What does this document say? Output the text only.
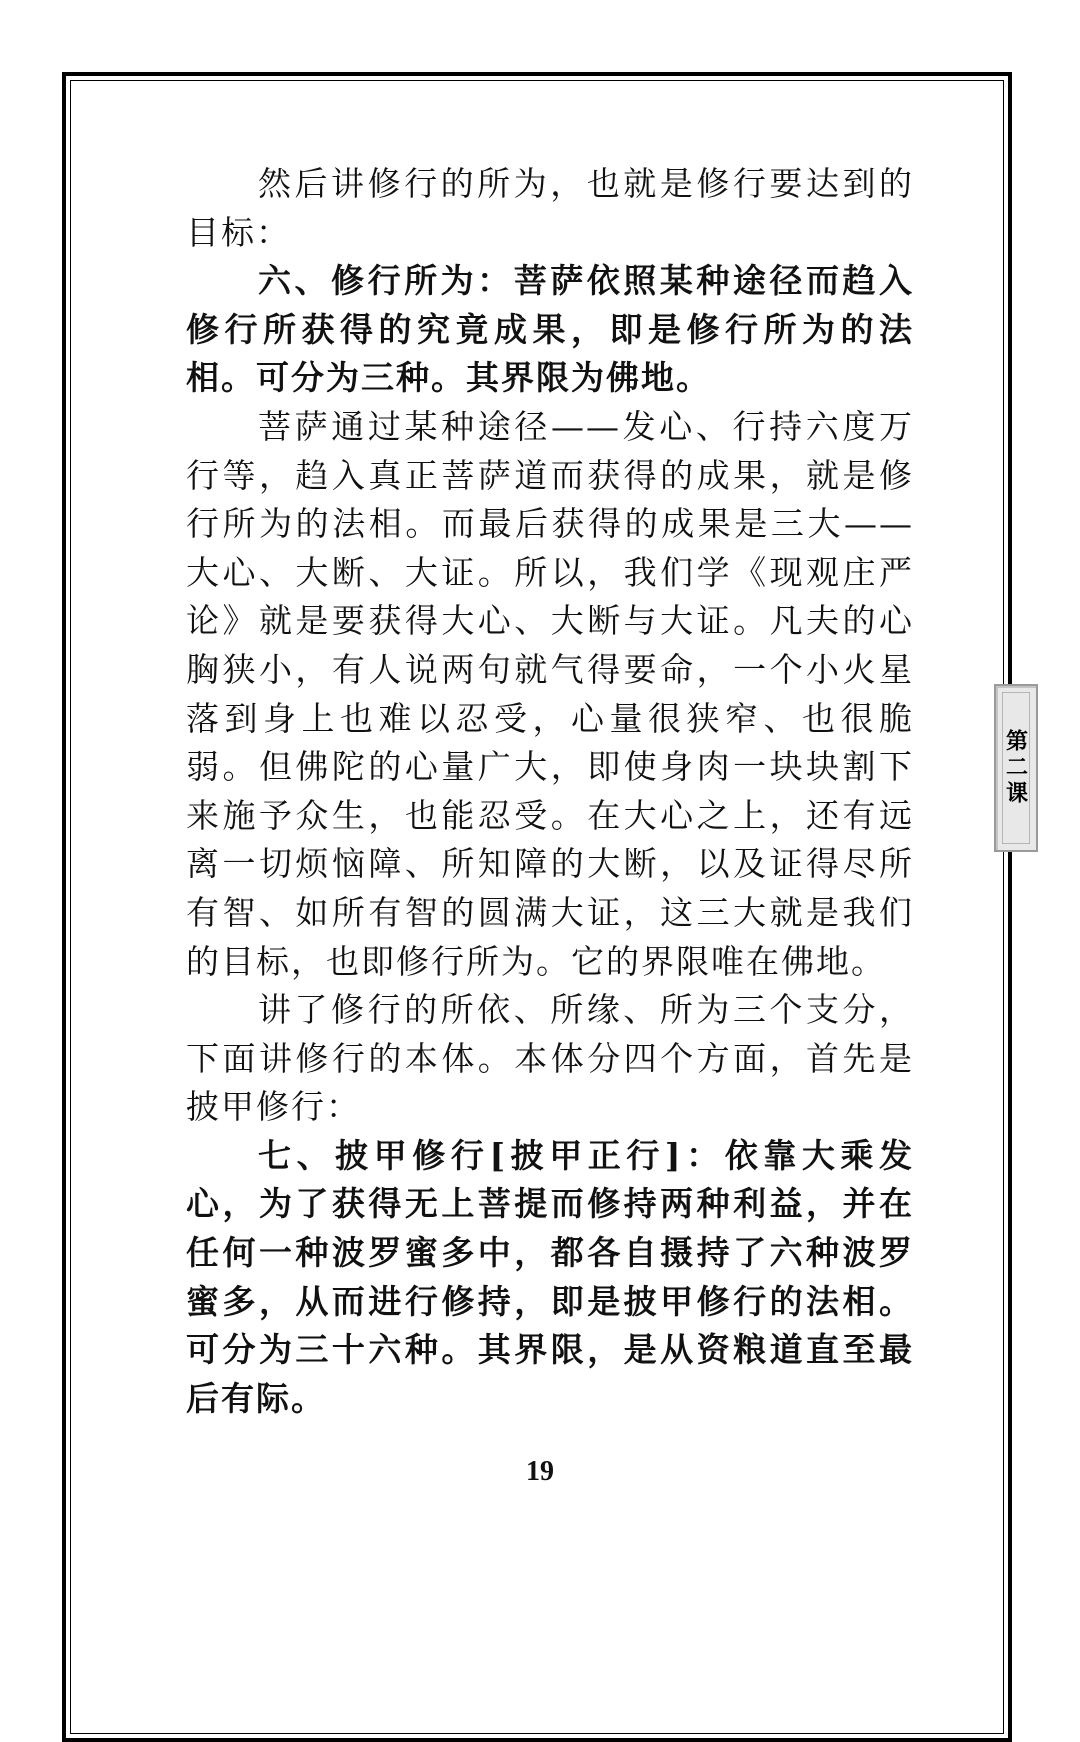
然后讲修行的所为，也就是修行要达到的目标：

六、修行所为：菩萨依照某种途径而趋入修行所获得的究竟成果，即是修行所为的法相。可分为三种。其界限为佛地。

菩萨通过某种途径——发心、行持六度万行等，趋入真正菩萨道而获得的成果，就是修行所为的法相。而最后获得的成果是三大——大心、大断、大证。所以，我们学《现观庄严论》就是要获得大心、大断与大证。凡夫的心胸狭小，有人说两句就气得要命，一个小火星落到身上也难以忍受，心量很狭窄、也很脆弱。但佛陀的心量广大，即使身肉一块块割下来施予众生，也能忍受。在大心之上，还有远离一切烦恼障、所知障的大断，以及证得尽所有智、如所有智的圆满大证，这三大就是我们的目标，也即修行所为。它的界限唯在佛地。

讲了修行的所依、所缘、所为三个支分，下面讲修行的本体。本体分四个方面，首先是披甲修行：

七、披甲修行[披甲正行]：依靠大乘发心，为了获得无上菩提而修持两种利益，并在任何一种波罗蜜多中，都各自摄持了六种波罗蜜多，从而进行修持，即是披甲修行的法相。可分为三十六种。其界限，是从资粮道直至最后有际。

第二课
19
